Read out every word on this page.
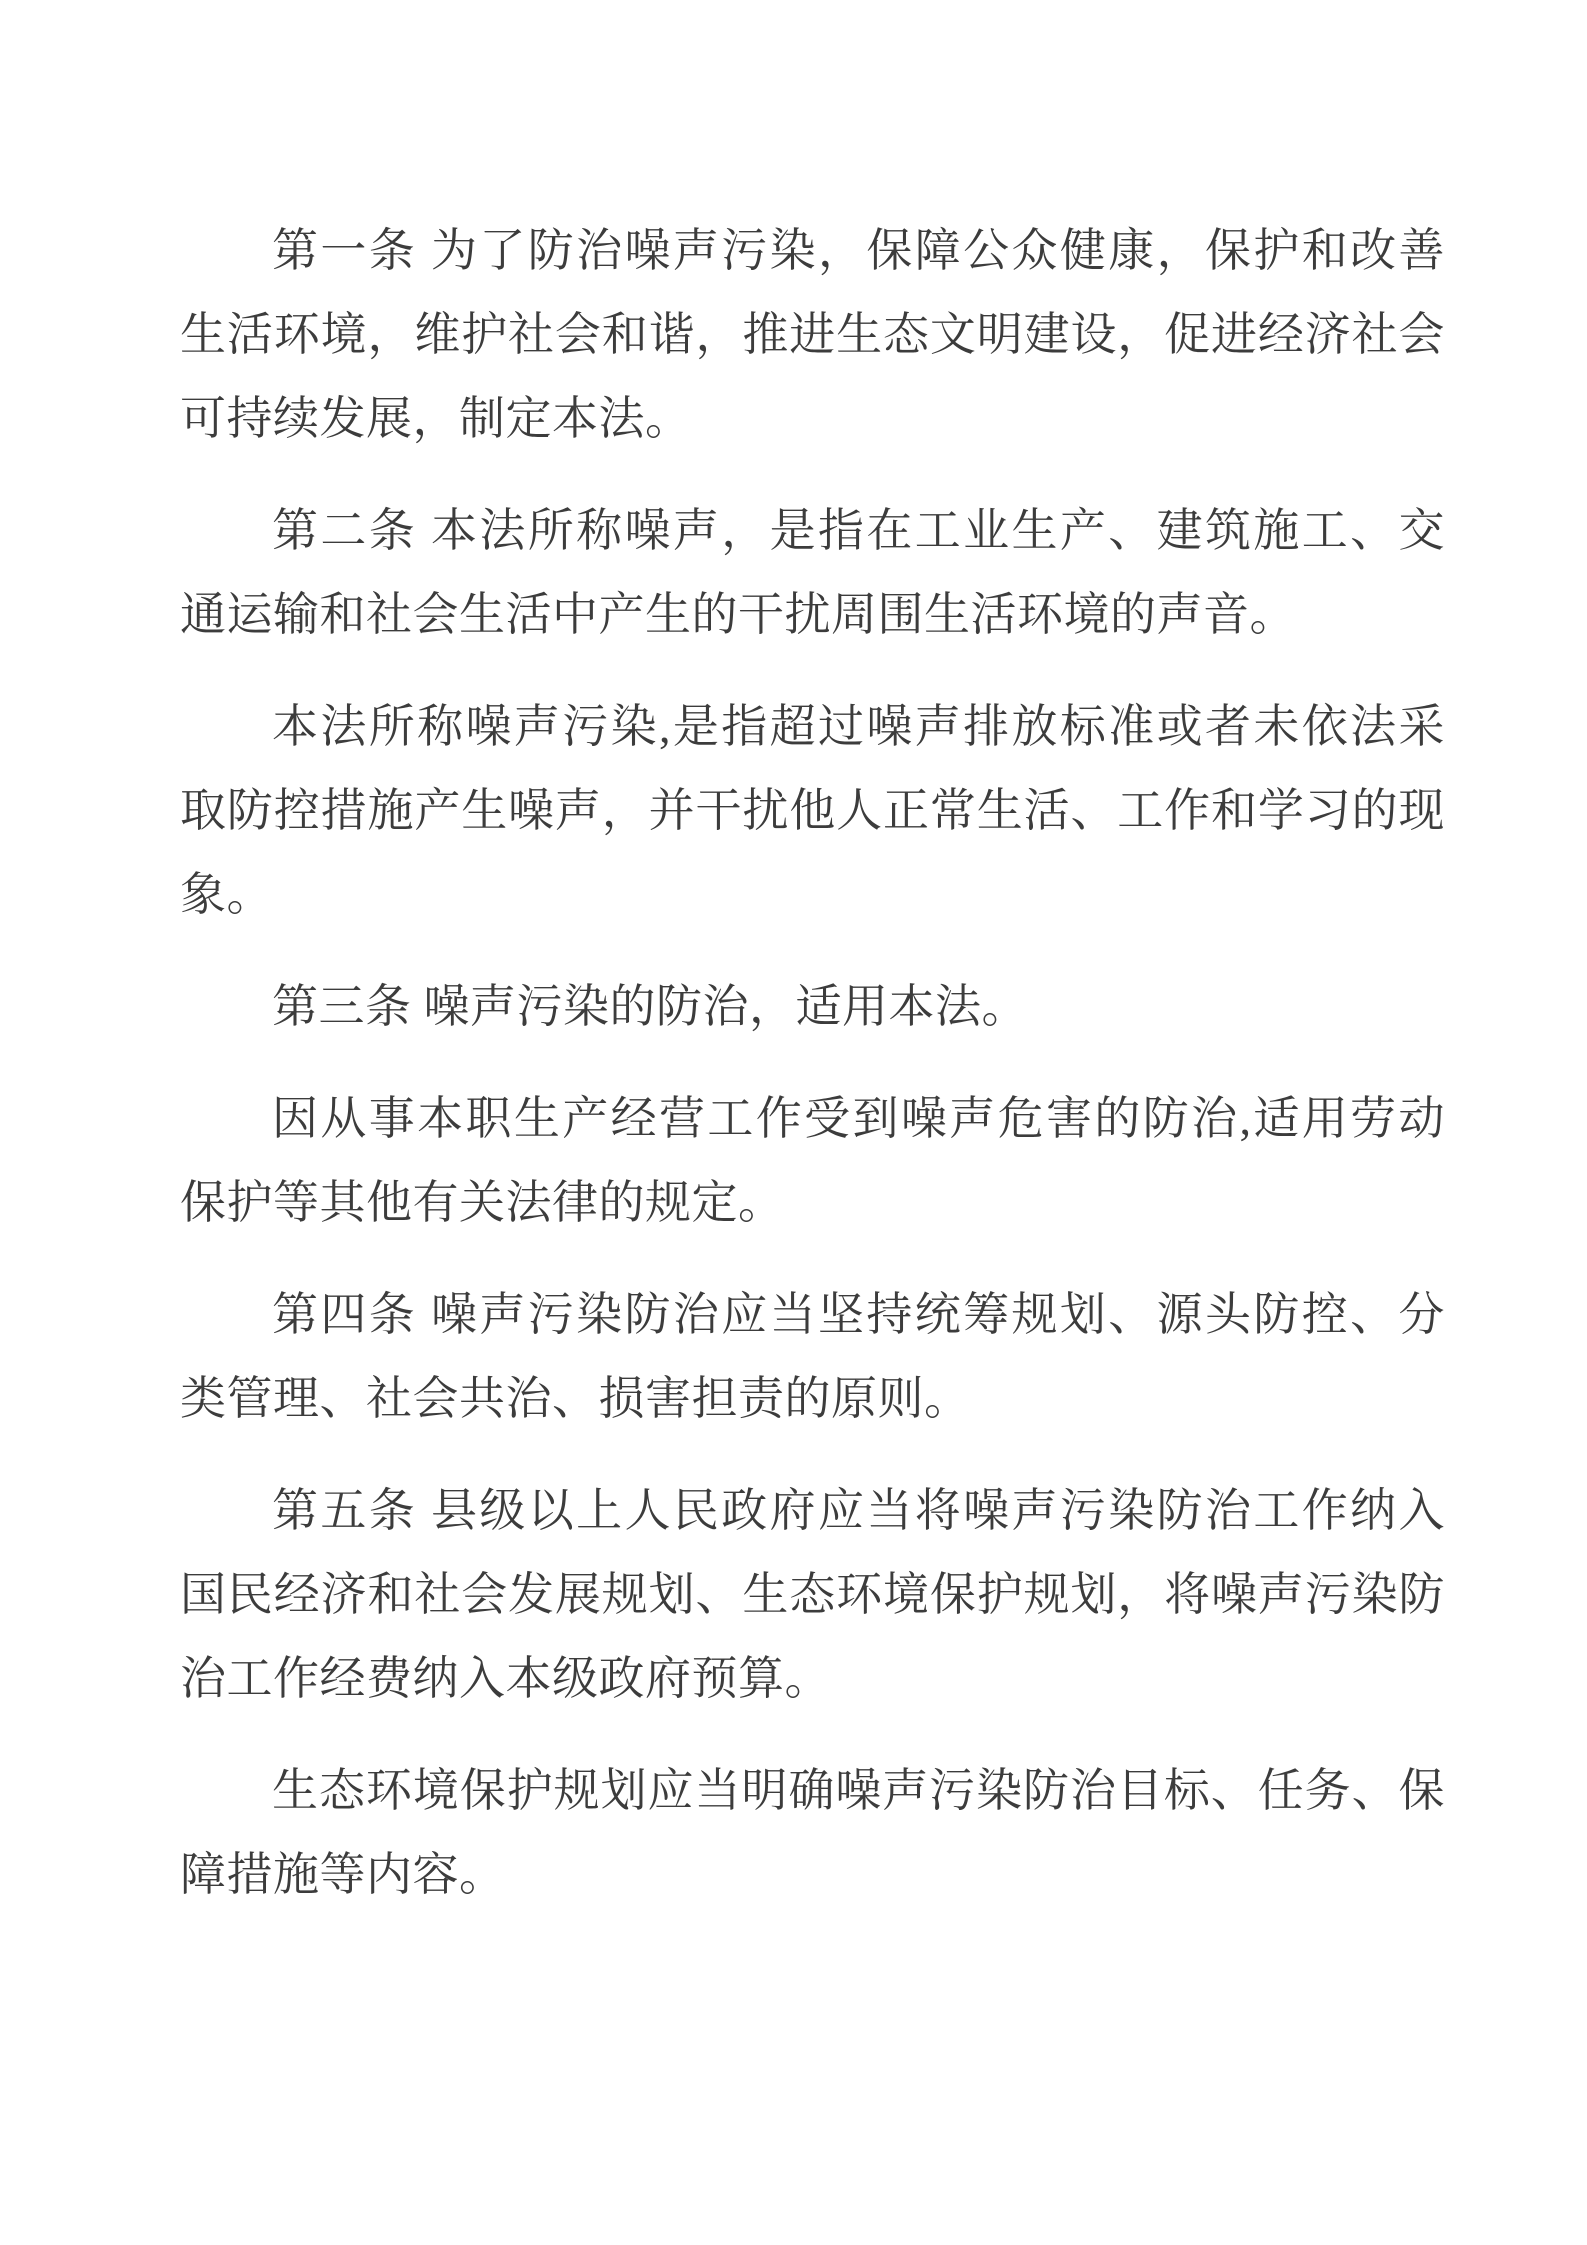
第一条 为了防治噪声污染，保障公众健康，保护和改善生活环境，维护社会和谐，推进生态文明建设，促进经济社会可持续发展，制定本法。

第二条 本法所称噪声，是指在工业生产、建筑施工、交通运输和社会生活中产生的干扰周围生活环境的声音。

本法所称噪声污染,是指超过噪声排放标准或者未依法采取防控措施产生噪声，并干扰他人正常生活、工作和学习的现象。

第三条 噪声污染的防治，适用本法。

因从事本职生产经营工作受到噪声危害的防治,适用劳动保护等其他有关法律的规定。

第四条 噪声污染防治应当坚持统筹规划、源头防控、分类管理、社会共治、损害担责的原则。

第五条 县级以上人民政府应当将噪声污染防治工作纳入国民经济和社会发展规划、生态环境保护规划，将噪声污染防治工作经费纳入本级政府预算。

生态环境保护规划应当明确噪声污染防治目标、任务、保障措施等内容。
